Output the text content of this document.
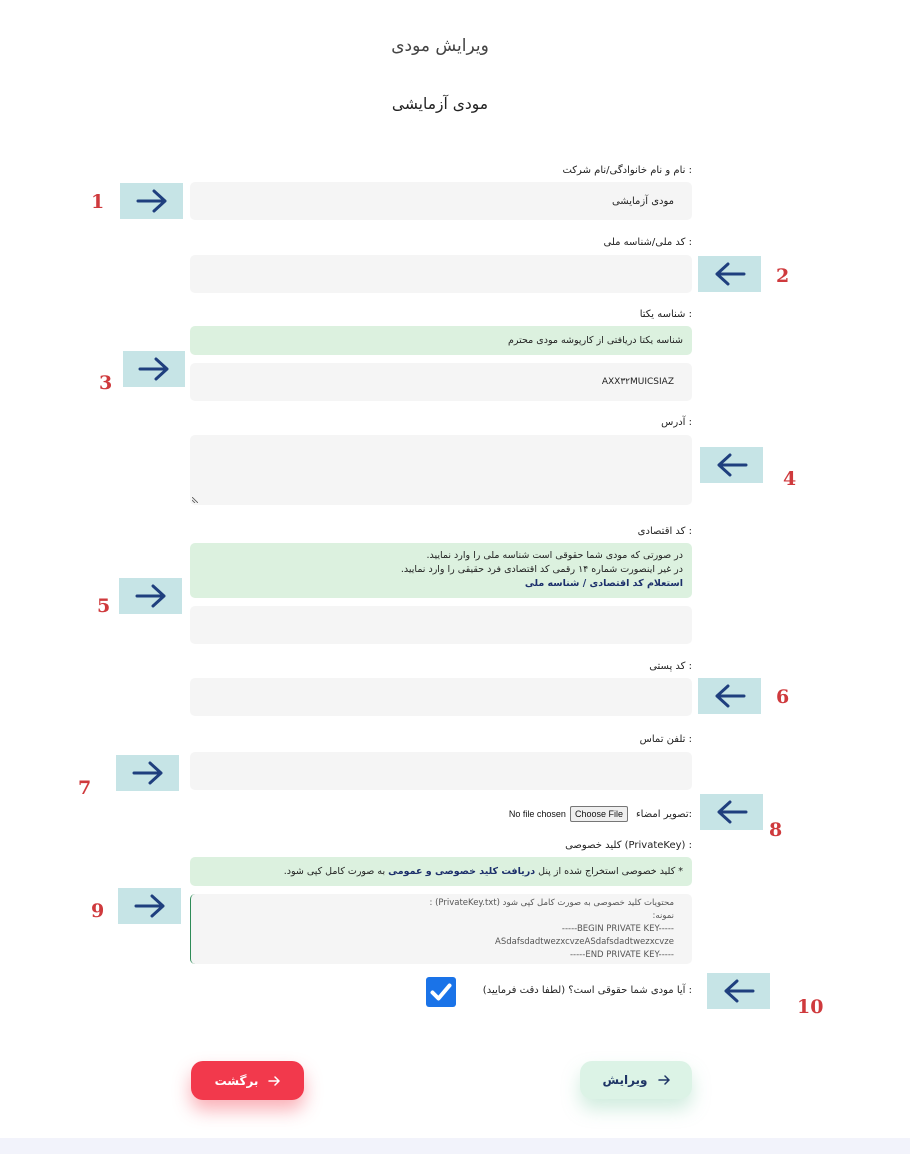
ویرایش مودی
مودی آزمایشی
نام و نام خانوادگی/نام شرکت :
مودی آزمایشی
کد ملی/شناسه ملی :
شناسه یکتا :
شناسه یکتا دریافتی از کارپوشه مودی محترم
AXX۳۲MUICSIAZ
آدرس :
کد اقتصادی :
در صورتی که مودی شما حقوقی است شناسه ملی را وارد نمایید.
در غیر اینصورت شماره ۱۴ رقمی کد اقتصادی فرد حقیقی را وارد نمایید.
استعلام کد اقتصادی / شناسه ملی
کد پستی :
تلفن تماس :
No file chosen	Choose File	تصویر امضاء:
کلید خصوصی (PrivateKey) :
* کلید خصوصی استخراج شده از پنل دریافت کلید خصوصی و عمومی به صورت کامل کپی شود.
محتویات کلید خصوصی به صورت کامل کپی شود (PrivateKey.txt) :
نمونه:
-----BEGIN PRIVATE KEY-----
ASdafsdadtwezxcvzeASdafsdadtwezxcvze
-----END PRIVATE KEY-----
آیا مودی شما حقوقی است؟ (لطفا دقت فرمایید) :
ویرایش
برگشت
1
2
3
4
5
6
7
8
9
10
